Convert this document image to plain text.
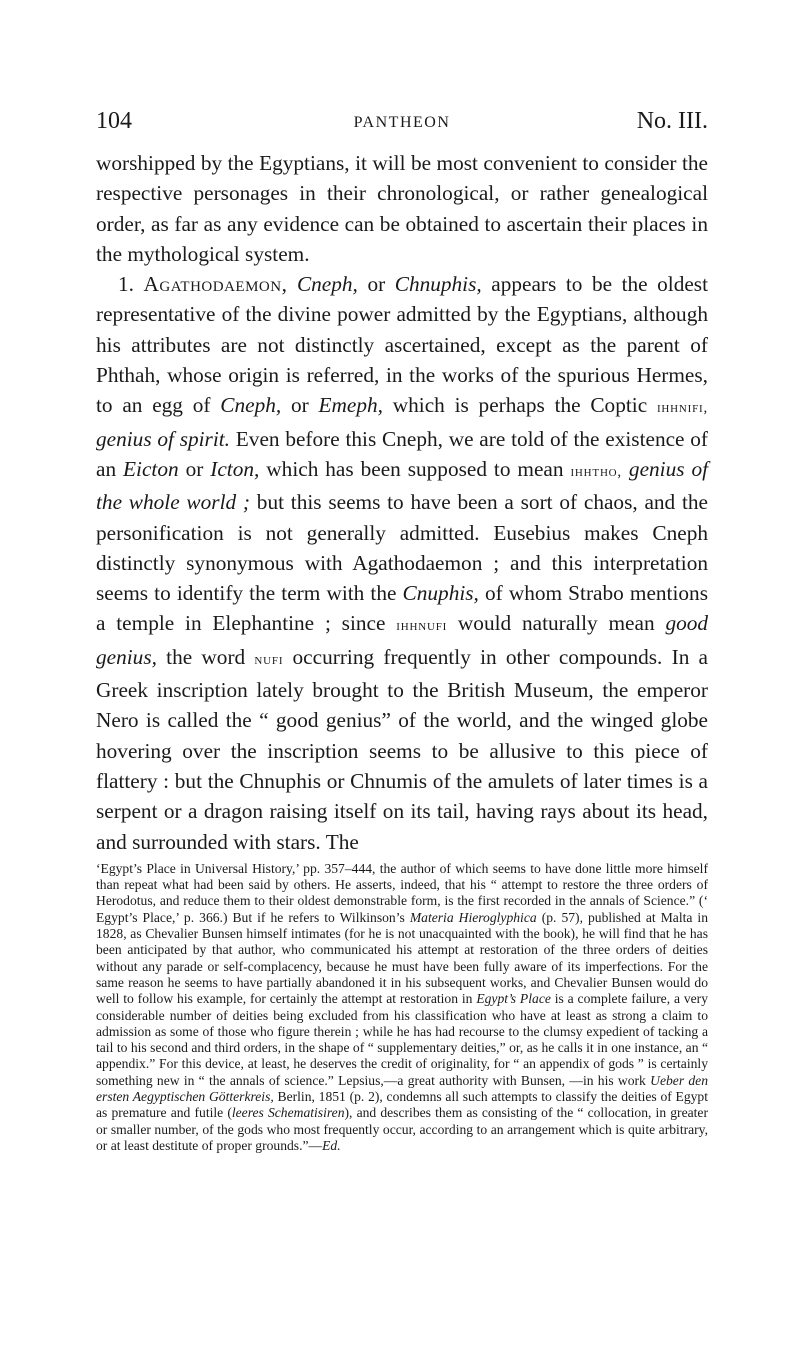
104	PANTHEON	No. III.

worshipped by the Egyptians, it will be most convenient to consider the respective personages in their chronological, or rather genealogical order, as far as any evidence can be obtained to ascertain their places in the mythological system.

1. Agathodaemon, Cneph, or Chnuphis, appears to be the oldest representative of the divine power admitted by the Egyptians, although his attributes are not distinctly ascertained, except as the parent of Phthah, whose origin is referred, in the works of the spurious Hermes, to an egg of Cneph, or Emeph, which is perhaps the Coptic ihhnifi, genius of spirit. Even before this Cneph, we are told of the existence of an Eicton or Icton, which has been supposed to mean ihhtho, genius of the whole world ; but this seems to have been a sort of chaos, and the personification is not generally admitted. Eusebius makes Cneph distinctly synonymous with Agathodaemon ; and this interpretation seems to identify the term with the Cnuphis, of whom Strabo mentions a temple in Elephantine ; since ihhnufi would naturally mean good genius, the word nufi occurring frequently in other compounds. In a Greek inscription lately brought to the British Museum, the emperor Nero is called the “ good genius” of the world, and the winged globe hovering over the inscription seems to be allusive to this piece of flattery : but the Chnuphis or Chnumis of the amulets of later times is a serpent or a dragon raising itself on its tail, having rays about its head, and surrounded with stars. The

‘Egypt’s Place in Universal History,’ pp. 357–444, the author of which seems to have done little more himself than repeat what had been said by others. He asserts, indeed, that his “ attempt to restore the three orders of Herodotus, and reduce them to their oldest demonstrable form, is the first recorded in the annals of Science.” (‘ Egypt’s Place,’ p. 366.) But if he refers to Wilkinson’s Materia Hieroglyphica (p. 57), published at Malta in 1828, as Chevalier Bunsen himself intimates (for he is not unacquainted with the book), he will find that he has been anticipated by that author, who communicated his attempt at restoration of the three orders of deities without any parade or self-complacency, because he must have been fully aware of its imperfections. For the same reason he seems to have partially abandoned it in his subsequent works, and Chevalier Bunsen would do well to follow his example, for certainly the attempt at restoration in Egypt’s Place is a complete failure, a very considerable number of deities being excluded from his classification who have at least as strong a claim to admission as some of those who figure therein ; while he has had recourse to the clumsy expedient of tacking a tail to his second and third orders, in the shape of “ supplementary deities,” or, as he calls it in one instance, an “ appendix.” For this device, at least, he deserves the credit of originality, for “ an appendix of gods ” is certainly something new in “ the annals of science.” Lepsius,—a great authority with Bunsen, —in his work Ueber den ersten Aegyptischen Götterkreis, Berlin, 1851 (p. 2), condemns all such attempts to classify the deities of Egypt as premature and futile (leeres Schematisiren), and describes them as consisting of the “ collocation, in greater or smaller number, of the gods who most frequently occur, according to an arrangement which is quite arbitrary, or at least destitute of proper grounds.”—Ed.
